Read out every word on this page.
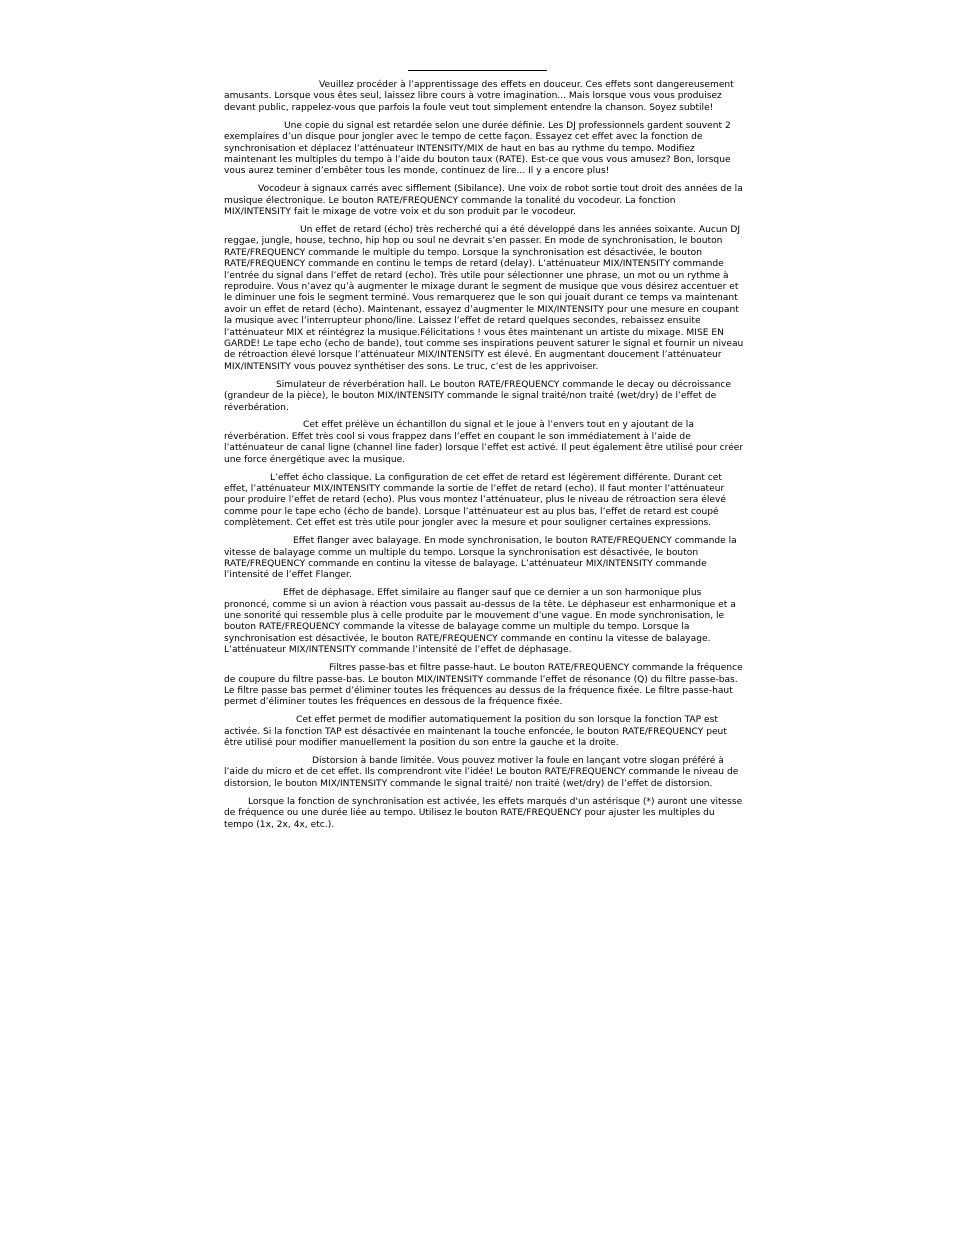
Veuillez procéder à l’apprentissage des effets en douceur. Ces effets sont dangereusement amusants. Lorsque vous êtes seul, laissez libre cours à votre imagination... Mais lorsque vous vous produisez devant public, rappelez-vous que parfois la foule veut tout simplement entendre la chanson. Soyez subtile!

Une copie du signal est retardée selon une durée définie. Les DJ professionnels gardent souvent 2 exemplaires d’un disque pour jongler avec le tempo de cette façon. Essayez cet effet avec la fonction de synchronisation et déplacez l’atténuateur INTENSITY/MIX de haut en bas au rythme du tempo. Modifiez maintenant les multiples du tempo à l’aide du bouton taux (RATE). Est-ce que vous vous amusez? Bon, lorsque vous aurez teminer d’embêter tous les monde, continuez de lire... Il y a encore plus!

Vocodeur à signaux carrés avec sifflement (Sibilance). Une voix de robot sortie tout droit des années de la musique électronique. Le bouton RATE/FREQUENCY commande la tonalité du vocodeur. La fonction MIX/INTENSITY fait le mixage de votre voix et du son produit par le vocodeur.

Un effet de retard (écho) très recherché qui a été développé dans les années soixante. Aucun DJ reggae, jungle, house, techno, hip hop ou soul ne devrait s’en passer. En mode de synchronisation, le bouton RATE/FREQUENCY commande le multiple du tempo. Lorsque la synchronisation est désactivée, le bouton RATE/FREQUENCY commande en continu le temps de retard (delay). L’atténuateur MIX/INTENSITY commande l’entrée du signal dans l’effet de retard (echo). Très utile pour sélectionner une phrase, un mot ou un rythme à reproduire. Vous n’avez qu’à augmenter le mixage durant le segment de musique que vous désirez accentuer et le diminuer une fois le segment terminé. Vous remarquerez que le son qui jouait durant ce temps va maintenant avoir un effet de retard (écho). Maintenant, essayez d’augmenter le MIX/INTENSITY pour une mesure en coupant la musique avec l’interrupteur phono/line. Laissez l’effet de retard quelques secondes, rebaissez ensuite l’atténuateur MIX et réintégrez la musique.Félicitations ! vous êtes maintenant un artiste du mixage. MISE EN GARDE! Le tape echo (echo de bande), tout comme ses inspirations peuvent saturer le signal et fournir un niveau de rétroaction élevé lorsque l’atténuateur MIX/INTENSITY est élevé. En augmentant doucement l’atténuateur MIX/INTENSITY vous pouvez synthétiser des sons. Le truc, c’est de les apprivoiser.

Simulateur de réverbération hall. Le bouton RATE/FREQUENCY commande le decay ou décroissance (grandeur de la pièce), le bouton MIX/INTENSITY commande le signal traité/non traité (wet/dry) de l’effet de réverbération.

Cet effet prélève un échantillon du signal et le joue à l’envers tout en y ajoutant de la réverbération. Effet très cool si vous frappez dans l’effet en coupant le son immédiatement à l’aide de l’atténuateur de canal ligne (channel line fader) lorsque l’effet est activé. Il peut également être utilisé pour créer une force énergétique avec la musique.

L’effet écho classique. La configuration de cet effet de retard est légèrement différente. Durant cet effet, l’atténuateur MIX/INTENSITY commande la sortie de l’effet de retard (echo). Il faut monter l’atténuateur pour produire l’effet de retard (echo). Plus vous montez l’atténuateur, plus le niveau de rétroaction sera élevé comme pour le tape echo (écho de bande). Lorsque l’atténuateur est au plus bas, l’effet de retard est coupé complètement. Cet effet est très utile pour jongler avec la mesure et pour souligner certaines expressions.

Effet flanger avec balayage. En mode synchronisation, le bouton RATE/FREQUENCY commande la vitesse de balayage comme un multiple du tempo. Lorsque la synchronisation est désactivée, le bouton RATE/FREQUENCY commande en continu la vitesse de balayage. L’atténuateur MIX/INTENSITY commande l’intensité de l’effet Flanger.

Effet de déphasage. Effet similaire au flanger sauf que ce dernier a un son harmonique plus prononcé, comme si un avion à réaction vous passait au-dessus de la tête. Le déphaseur est enharmonique et a une sonorité qui ressemble plus à celle produite par le mouvement d’une vague. En mode synchronisation, le bouton RATE/FREQUENCY commande la vitesse de balayage comme un multiple du tempo. Lorsque la synchronisation est désactivée, le bouton RATE/FREQUENCY commande en continu la vitesse de balayage. L’atténuateur MIX/INTENSITY commande l’intensité de l’effet de déphasage.

Filtres passe-bas et filtre passe-haut. Le bouton RATE/FREQUENCY commande la fréquence de coupure du filtre passe-bas. Le bouton MIX/INTENSITY commande l’effet de résonance (Q) du filtre passe-bas. Le filtre passe bas permet d’éliminer toutes les fréquences au dessus de la fréquence fixée. Le filtre passe-haut permet d’éliminer toutes les fréquences en dessous de la fréquence fixée.

Cet effet permet de modifier automatiquement la position du son lorsque la fonction TAP est activée. Si la fonction TAP est désactivée en maintenant la touche enfoncée, le bouton RATE/FREQUENCY peut être utilisé pour modifier manuellement la position du son entre la gauche et la droite.

Distorsion à bande limitée. Vous pouvez motiver la foule en lançant votre slogan préféré à l’aide du micro et de cet effet. Ils comprendront vite l’idée! Le bouton RATE/FREQUENCY commande le niveau de distorsion, le bouton MIX/INTENSITY commande le signal traité/ non traité (wet/dry) de l’effet de distorsion.

Lorsque la fonction de synchronisation est activée, les effets marqués d'un astérisque (*) auront une vitesse de fréquence ou une durée liée au tempo. Utilisez le bouton RATE/FREQUENCY pour ajuster les multiples du tempo (1x, 2x, 4x, etc.).
